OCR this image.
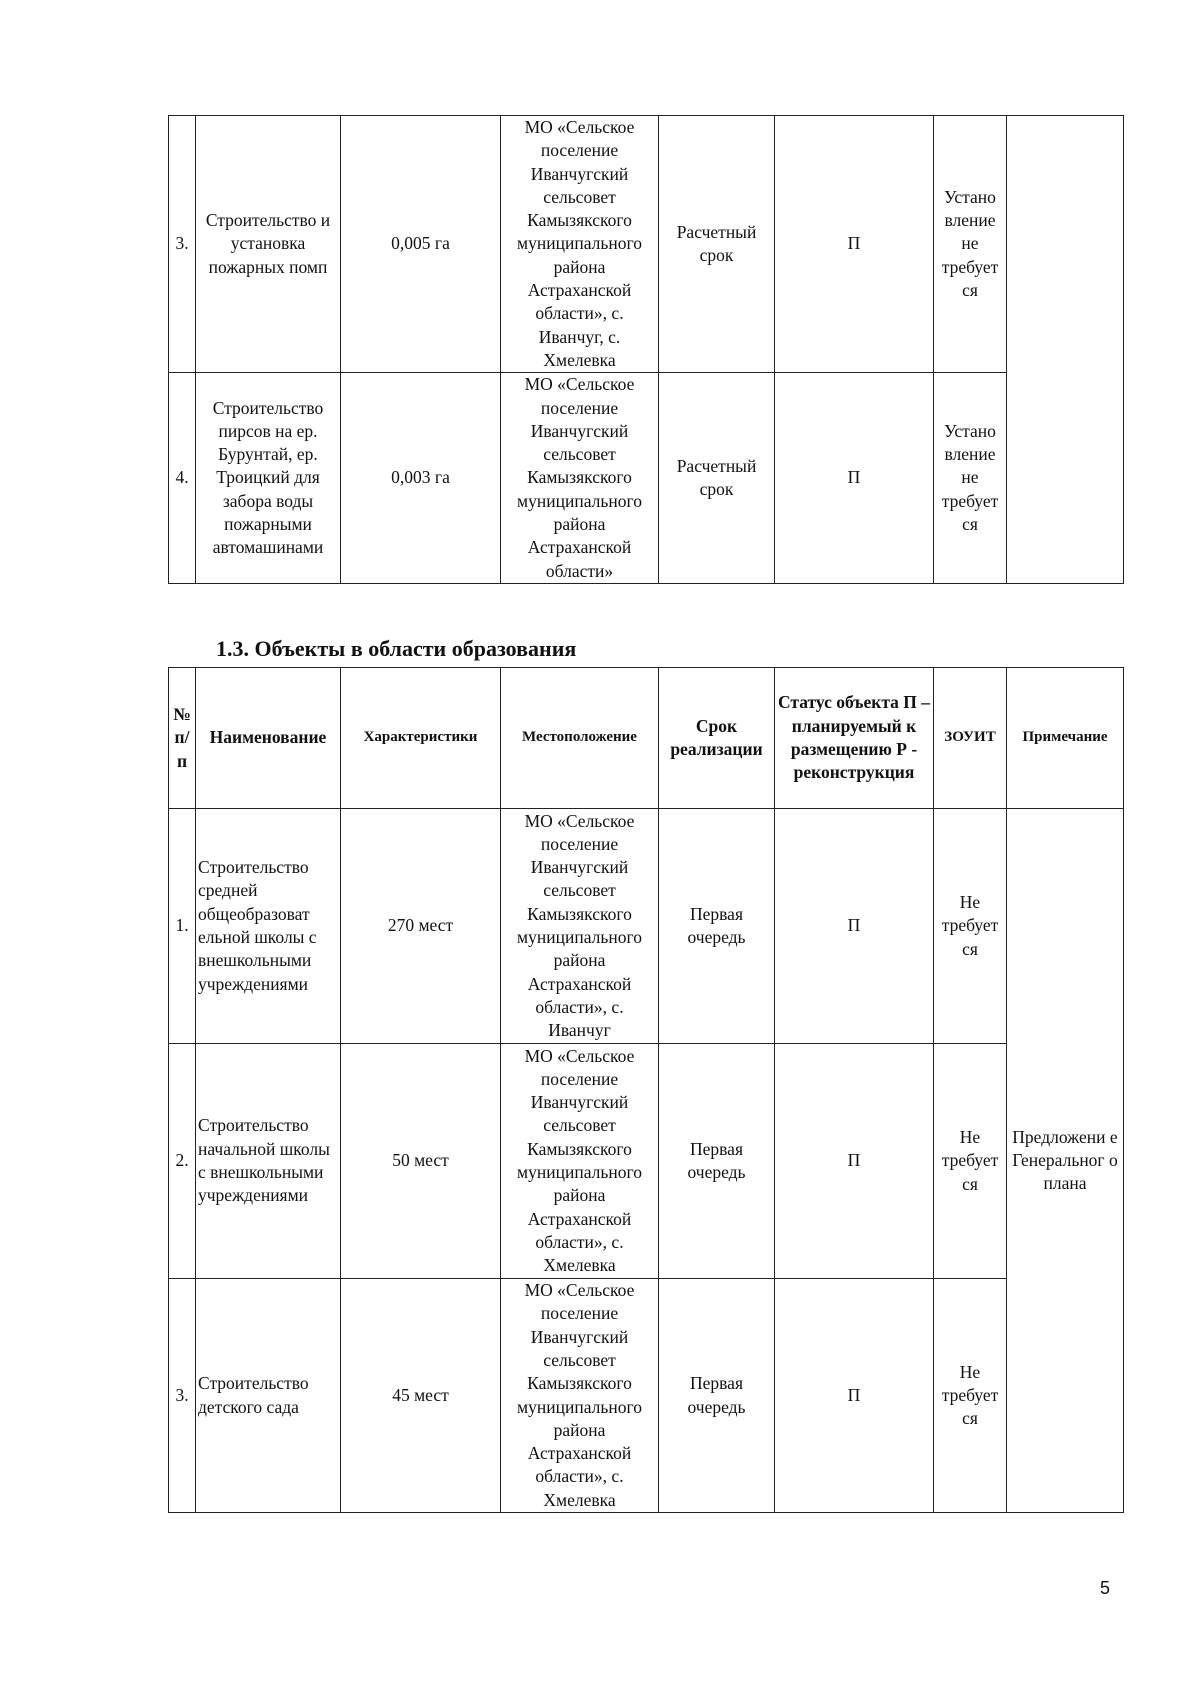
3.	Строительство и установка пожарных помп	0,005 га	МО «Сельское поселение Иванчугский сельсовет Камызякского муниципального района Астраханской области», с. Иванчуг, с. Хмелевка	Расчетный срок	П	Устано вление не требует ся	
4.	Строительство пирсов на ер. Бурунтай, ер. Троицкий для забора воды пожарными автомашинами	0,003 га	МО «Сельское поселение Иванчугский сельсовет Камызякского муниципального района Астраханской области»	Расчетный срок	П	Устано вление не требует ся	
1.3. Объекты в области образования
№ п/п	Наименование	Характеристики	Местоположение	Срок реализации	Статус объекта П – планируемый к размещению Р - реконструкция	ЗОУИТ	Примечание
1.	Строительство средней общеобразоват ельной школы с внешкольными учреждениями	270 мест	МО «Сельское поселение Иванчугский сельсовет Камызякского муниципального района Астраханской области», с. Иванчуг	Первая очередь	П	Не требует ся	Предложени е Генеральног о плана
2.	Строительство начальной школы с внешкольными учреждениями	50 мест	МО «Сельское поселение Иванчугский сельсовет Камызякского муниципального района Астраханской области», с. Хмелевка	Первая очередь	П	Не требует ся	
3.	Строительство детского сада	45 мест	МО «Сельское поселение Иванчугский сельсовет Камызякского муниципального района Астраханской области», с. Хмелевка	Первая очередь	П	Не требует ся	
5
